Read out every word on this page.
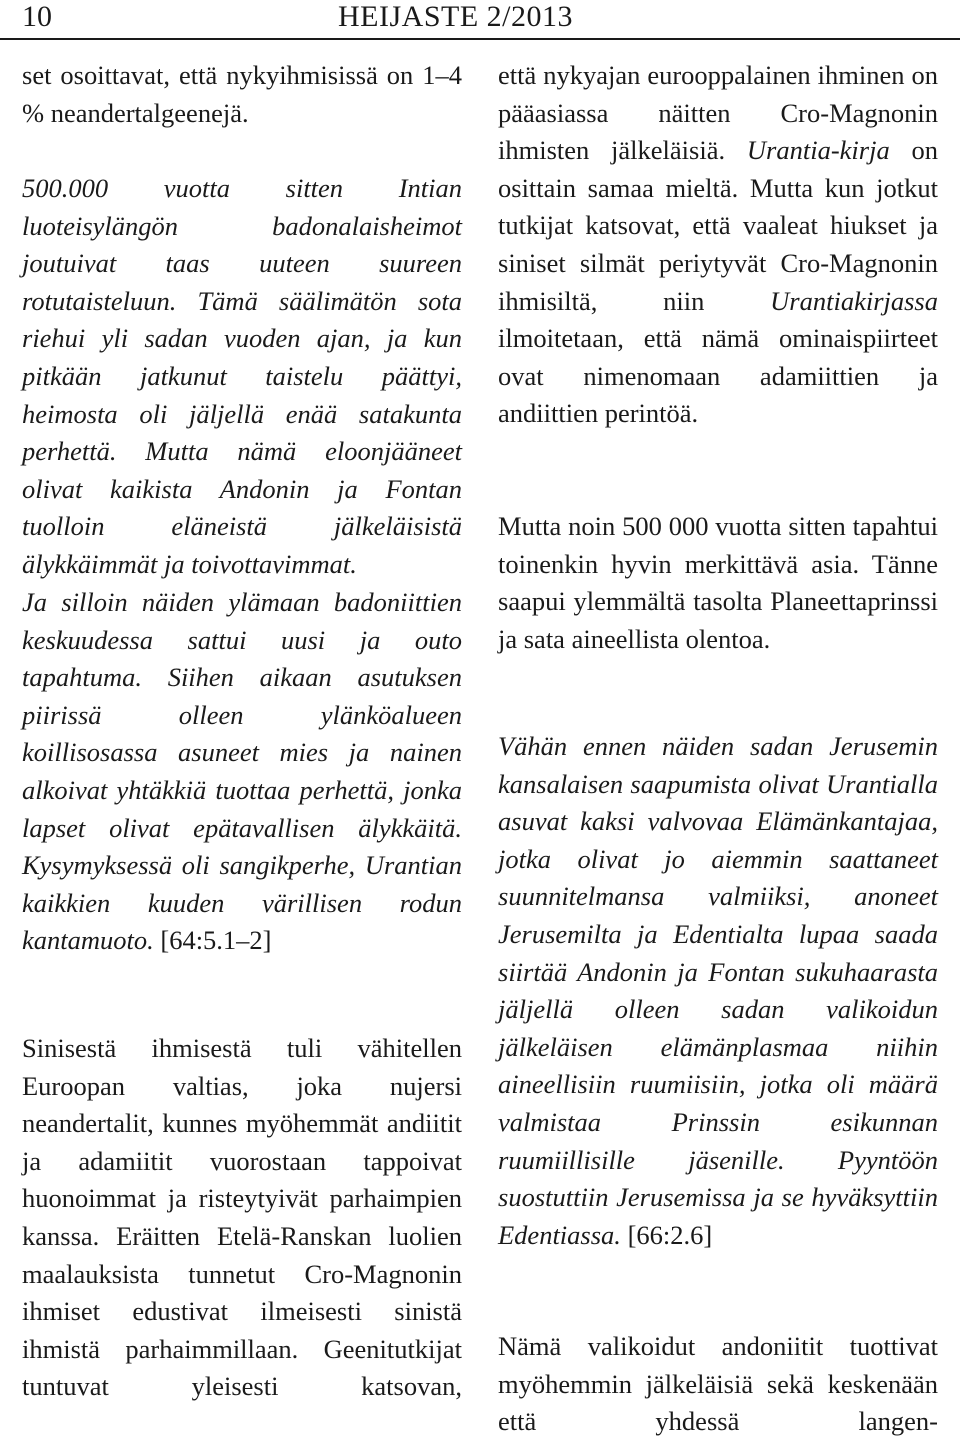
10	HEIJASTE 2/2013

set osoittavat, että nykyihmisissä on 1–4 % neandertalgeenejä.

500.000 vuotta sitten Intian luoteisylängön badonalaisheimot joutuivat taas uuteen suureen rotutaisteluun. Tämä säälimätön sota riehui yli sadan vuoden ajan, ja kun pitkään jatkunut taistelu päättyi, heimosta oli jäljellä enää satakunta perhettä. Mutta nämä eloonjääneet olivat kaikista Andonin ja Fontan tuolloin eläneistä jälkeläisistä älykkäimmät ja toivottavimmat.

Ja silloin näiden ylämaan badoniittien keskuudessa sattui uusi ja outo tapahtuma. Siihen aikaan asutuksen piirissä olleen ylänköalueen koillisosassa asuneet mies ja nainen alkoivat yhtäkkiä tuottaa perhettä, jonka lapset olivat epätavallisen älykkäitä. Kysymyksessä oli sangikperhe, Urantian kaikkien kuuden värillisen rodun kantamuoto. [64:5.1–2]

Sinisestä ihmisestä tuli vähitellen Euroopan valtias, joka nujersi neandertalit, kunnes myöhemmät andiitit ja adamiitit vuorostaan tappoivat huonoimmat ja risteytyivät parhaimpien kanssa. Eräitten Etelä-Ranskan luolien maalauksista tunnetut Cro-Magnonin ihmiset edustivat ilmeisesti sinistä ihmistä parhaimmillaan. Geenitutkijat tuntuvat yleisesti katsovan,

että nykyajan eurooppalainen ihminen on pääasiassa näitten Cro-Magnonin ihmisten jälkeläisiä. Urantia-kirja on osittain samaa mieltä. Mutta kun jotkut tutkijat katsovat, että vaaleat hiukset ja siniset silmät periytyvät Cro-Magnonin ihmisiltä, niin Urantiakirjassa ilmoitetaan, että nämä ominaispiirteet ovat nimenomaan adamiittien ja andiittien perintöä.

Mutta noin 500 000 vuotta sitten tapahtui toinenkin hyvin merkittävä asia. Tänne saapui ylemmältä tasolta Planeettaprinssi ja sata aineellista olentoa.

Vähän ennen näiden sadan Jerusemin kansalaisen saapumista olivat Urantialla asuvat kaksi valvovaa Elämänkantajaa, jotka olivat jo aiemmin saattaneet suunnitelmansa valmiiksi, anoneet Jerusemilta ja Edentialta lupaa saada siirtää Andonin ja Fontan sukuhaarasta jäljellä olleen sadan valikoidun jälkeläisen elämänplasmaa niihin aineellisiin ruumiisiin, jotka oli määrä valmistaa Prinssin esikunnan ruumiillisille jäsenille. Pyyntöön suostuttiin Jerusemissa ja se hyväksyttiin Edentiassa. [66:2.6]

Nämä valikoidut andoniitit tuottivat myöhemmin jälkeläisiä sekä keskenään että yhdessä langen-
